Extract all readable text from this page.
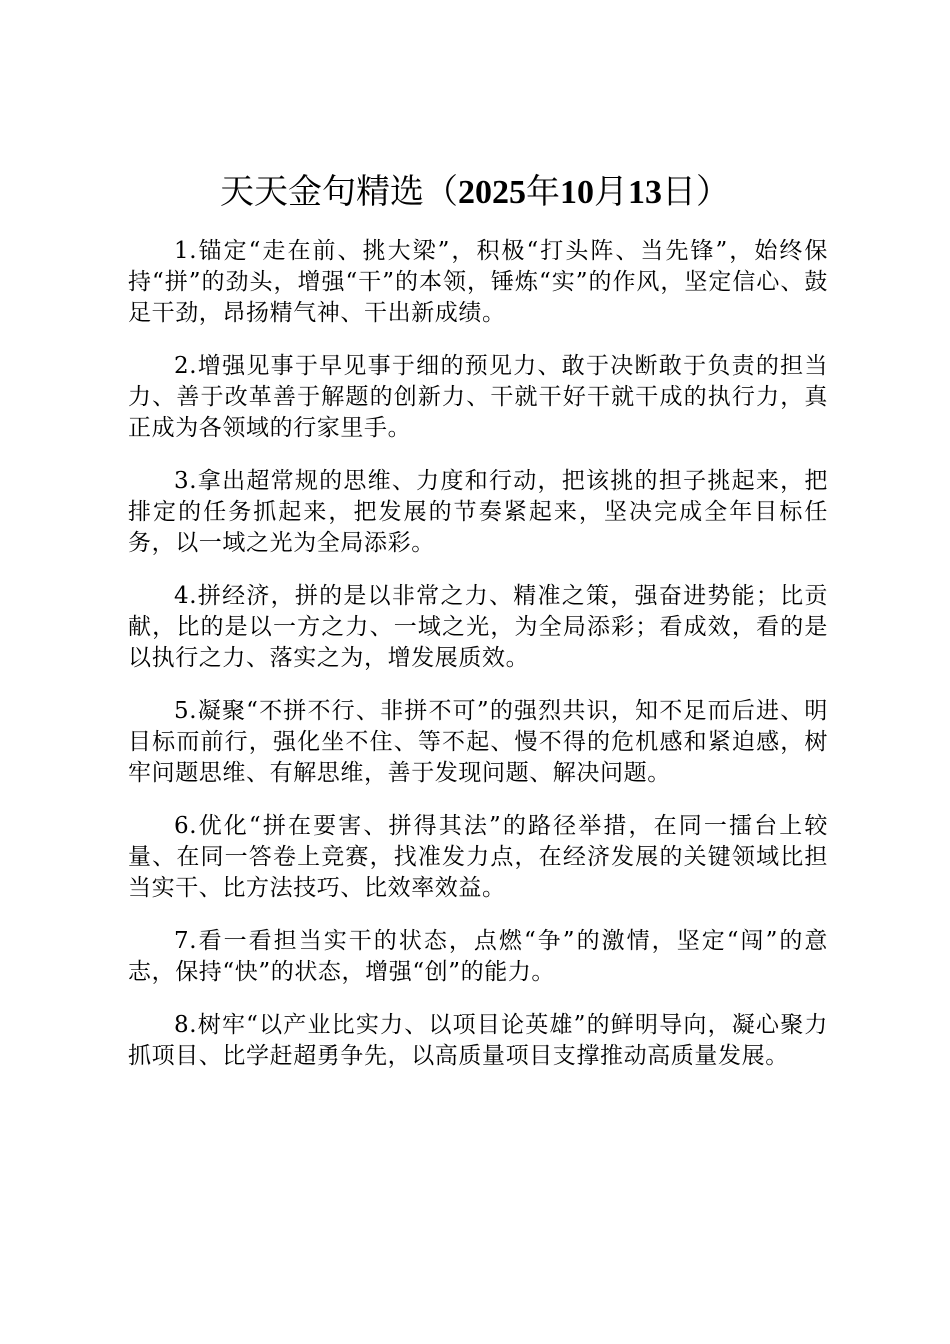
天天金句精选（2025年10月13日）

1.锚定“走在前、挑大梁”，积极“打头阵、当先锋”，始终保持“拼”的劲头，增强“干”的本领，锤炼“实”的作风，坚定信心、鼓足干劲，昂扬精气神、干出新成绩。

2.增强见事于早见事于细的预见力、敢于决断敢于负责的担当力、善于改革善于解题的创新力、干就干好干就干成的执行力，真正成为各领域的行家里手。

3.拿出超常规的思维、力度和行动，把该挑的担子挑起来，把排定的任务抓起来，把发展的节奏紧起来，坚决完成全年目标任务，以一域之光为全局添彩。

4.拼经济，拼的是以非常之力、精准之策，强奋进势能；比贡献，比的是以一方之力、一域之光，为全局添彩；看成效，看的是以执行之力、落实之为，增发展质效。

5.凝聚“不拼不行、非拼不可”的强烈共识，知不足而后进、明目标而前行，强化坐不住、等不起、慢不得的危机感和紧迫感，树牢问题思维、有解思维，善于发现问题、解决问题。

6.优化“拼在要害、拼得其法”的路径举措，在同一擂台上较量、在同一答卷上竞赛，找准发力点，在经济发展的关键领域比担当实干、比方法技巧、比效率效益。

7.看一看担当实干的状态，点燃“争”的激情，坚定“闯”的意志，保持“快”的状态，增强“创”的能力。

8.树牢“以产业比实力、以项目论英雄”的鲜明导向，凝心聚力抓项目、比学赶超勇争先，以高质量项目支撑推动高质量发展。
